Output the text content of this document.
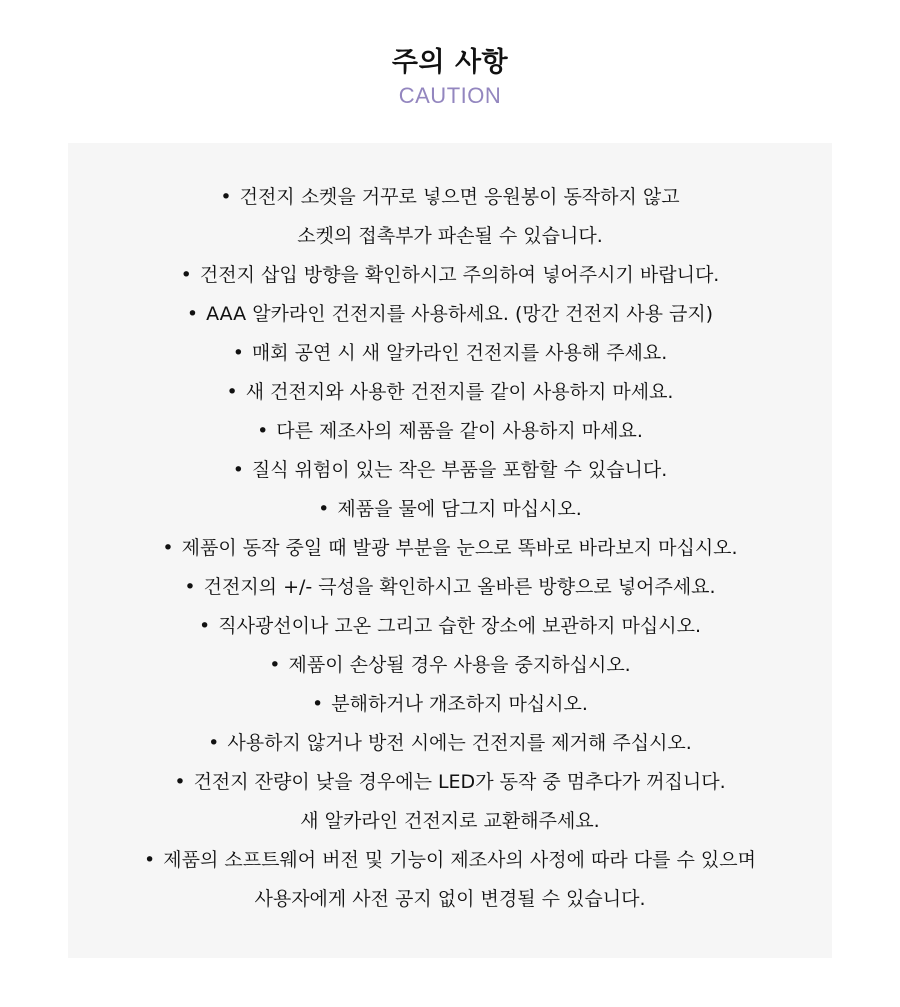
주의 사항
CAUTION
• 건전지 소켓을 거꾸로 넣으면 응원봉이 동작하지 않고
소켓의 접촉부가 파손될 수 있습니다.
• 건전지 삽입 방향을 확인하시고 주의하여 넣어주시기 바랍니다.
• AAA 알카라인 건전지를 사용하세요. (망간 건전지 사용 금지)
• 매회 공연 시 새 알카라인 건전지를 사용해 주세요.
• 새 건전지와 사용한 건전지를 같이 사용하지 마세요.
• 다른 제조사의 제품을 같이 사용하지 마세요.
• 질식 위험이 있는 작은 부품을 포함할 수 있습니다.
• 제품을 물에 담그지 마십시오.
• 제품이 동작 중일 때 발광 부분을 눈으로 똑바로 바라보지 마십시오.
• 건전지의 +/- 극성을 확인하시고 올바른 방향으로 넣어주세요.
• 직사광선이나 고온 그리고 습한 장소에 보관하지 마십시오.
• 제품이 손상될 경우 사용을 중지하십시오.
• 분해하거나 개조하지 마십시오.
• 사용하지 않거나 방전 시에는 건전지를 제거해 주십시오.
• 건전지 잔량이 낮을 경우에는 LED가 동작 중 멈추다가 꺼집니다.
새 알카라인 건전지로 교환해주세요.
• 제품의 소프트웨어 버전 및 기능이 제조사의 사정에 따라 다를 수 있으며
사용자에게 사전 공지 없이 변경될 수 있습니다.
